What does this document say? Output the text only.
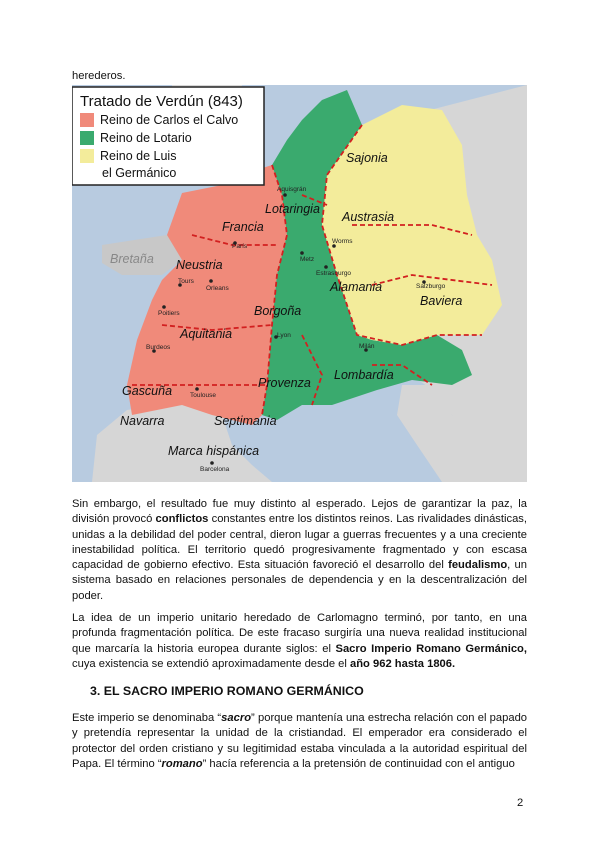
herederos.
Tratado de Verdún (843)
Reino de Carlos el Calvo
Reino de Lotario
Reino de Luis
el Germánico
Sajonia
Lotaringia
Austrasia
Francia
Bretaña Neustria
Alamania
Baviera
Borgoña
Aquitania
Lombardía
Provenza
Gascuña
Navarra	Septimania
Marca hispánica
Aquisgrán
París
Metz
Worms
Estrasburgo
Salzburgo
Tours
Orleans
Lyon
Milán
Burdeos
Toulouse
Barcelona
Poitiers
Sin embargo, el resultado fue muy distinto al esperado. Lejos de garantizar la paz, la división provocó conflictos constantes entre los distintos reinos. Las rivalidades dinásticas, unidas a la debilidad del poder central, dieron lugar a guerras frecuentes y a una creciente inestabilidad política. El territorio quedó progresivamente fragmentado y con escasa capacidad de gobierno efectivo. Esta situación favoreció el desarrollo del feudalismo, un sistema basado en relaciones personales de dependencia y en la descentralización del poder.
La idea de un imperio unitario heredado de Carlomagno terminó, por tanto, en una profunda fragmentación política. De este fracaso surgiría una nueva realidad institucional que marcaría la historia europea durante siglos: el Sacro Imperio Romano Germánico, cuya existencia se extendió aproximadamente desde el año 962 hasta 1806.
3. EL SACRO IMPERIO ROMANO GERMÁNICO
Este imperio se denominaba “sacro” porque mantenía una estrecha relación con el papado y pretendía representar la unidad de la cristiandad. El emperador era considerado el protector del orden cristiano y su legitimidad estaba vinculada a la autoridad espiritual del Papa. El término “romano” hacía referencia a la pretensión de continuidad con el antiguo
2
